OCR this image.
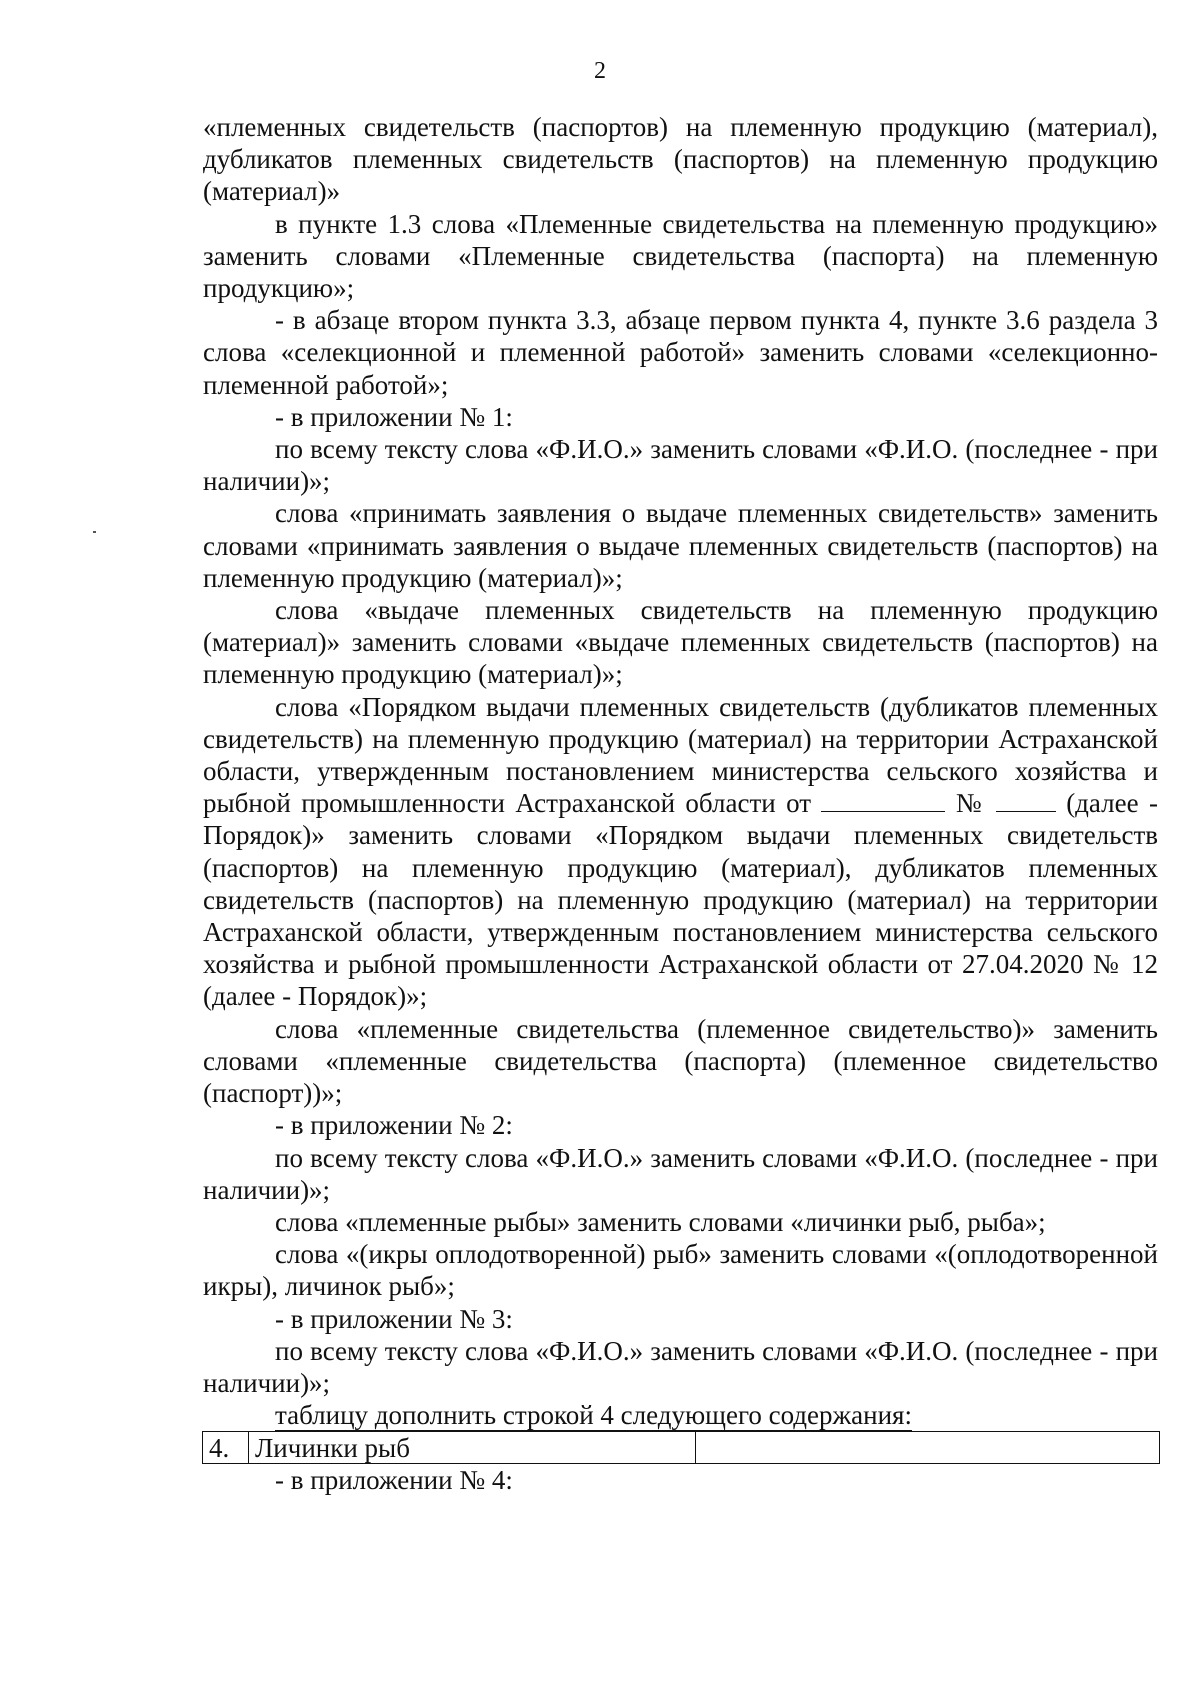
2

«племенных свидетельств (паспортов) на племенную продукцию (материал), дубликатов племенных свидетельств (паспортов) на племенную продукцию (материал)»

в пункте 1.3 слова «Племенные свидетельства на племенную продукцию» заменить словами «Племенные свидетельства (паспорта) на племенную продукцию»;

- в абзаце втором пункта 3.3, абзаце первом пункта 4, пункте 3.6 раздела 3 слова «селекционной и племенной работой» заменить словами «селекционно-племенной работой»;

- в приложении № 1:

по всему тексту слова «Ф.И.О.» заменить словами «Ф.И.О. (последнее - при наличии)»;

слова «принимать заявления о выдаче племенных свидетельств» заменить словами «принимать заявления о выдаче племенных свидетельств (паспортов) на племенную продукцию (материал)»;

слова «выдаче племенных свидетельств на племенную продукцию (материал)» заменить словами «выдаче племенных свидетельств (паспортов) на племенную продукцию (материал)»;

слова «Порядком выдачи племенных свидетельств (дубликатов племенных свидетельств) на племенную продукцию (материал) на территории Астраханской области, утвержденным постановлением министерства сельского хозяйства и рыбной промышленности Астраханской области от	№	(далее - Порядок)» заменить словами «Порядком выдачи племенных свидетельств (паспортов) на племенную продукцию (материал), дубликатов племенных свидетельств (паспортов) на племенную продукцию (материал) на территории Астраханской области, утвержденным постановлением министерства сельского хозяйства и рыбной промышленности Астраханской области от 27.04.2020 № 12 (далее - Порядок)»;

слова «племенные свидетельства (племенное свидетельство)» заменить словами «племенные свидетельства (паспорта) (племенное свидетельство (паспорт))»;

- в приложении № 2:

по всему тексту слова «Ф.И.О.» заменить словами «Ф.И.О. (последнее - при наличии)»;

слова «племенные рыбы» заменить словами «личинки рыб, рыба»;

слова «(икры оплодотворенной) рыб» заменить словами «(оплодотворенной икры), личинок рыб»;

- в приложении № 3:

по всему тексту слова «Ф.И.О.» заменить словами «Ф.И.О. (последнее - при наличии)»;

таблицу дополнить строкой 4 следующего содержания:

4.	Личинки рыб	

- в приложении № 4:
